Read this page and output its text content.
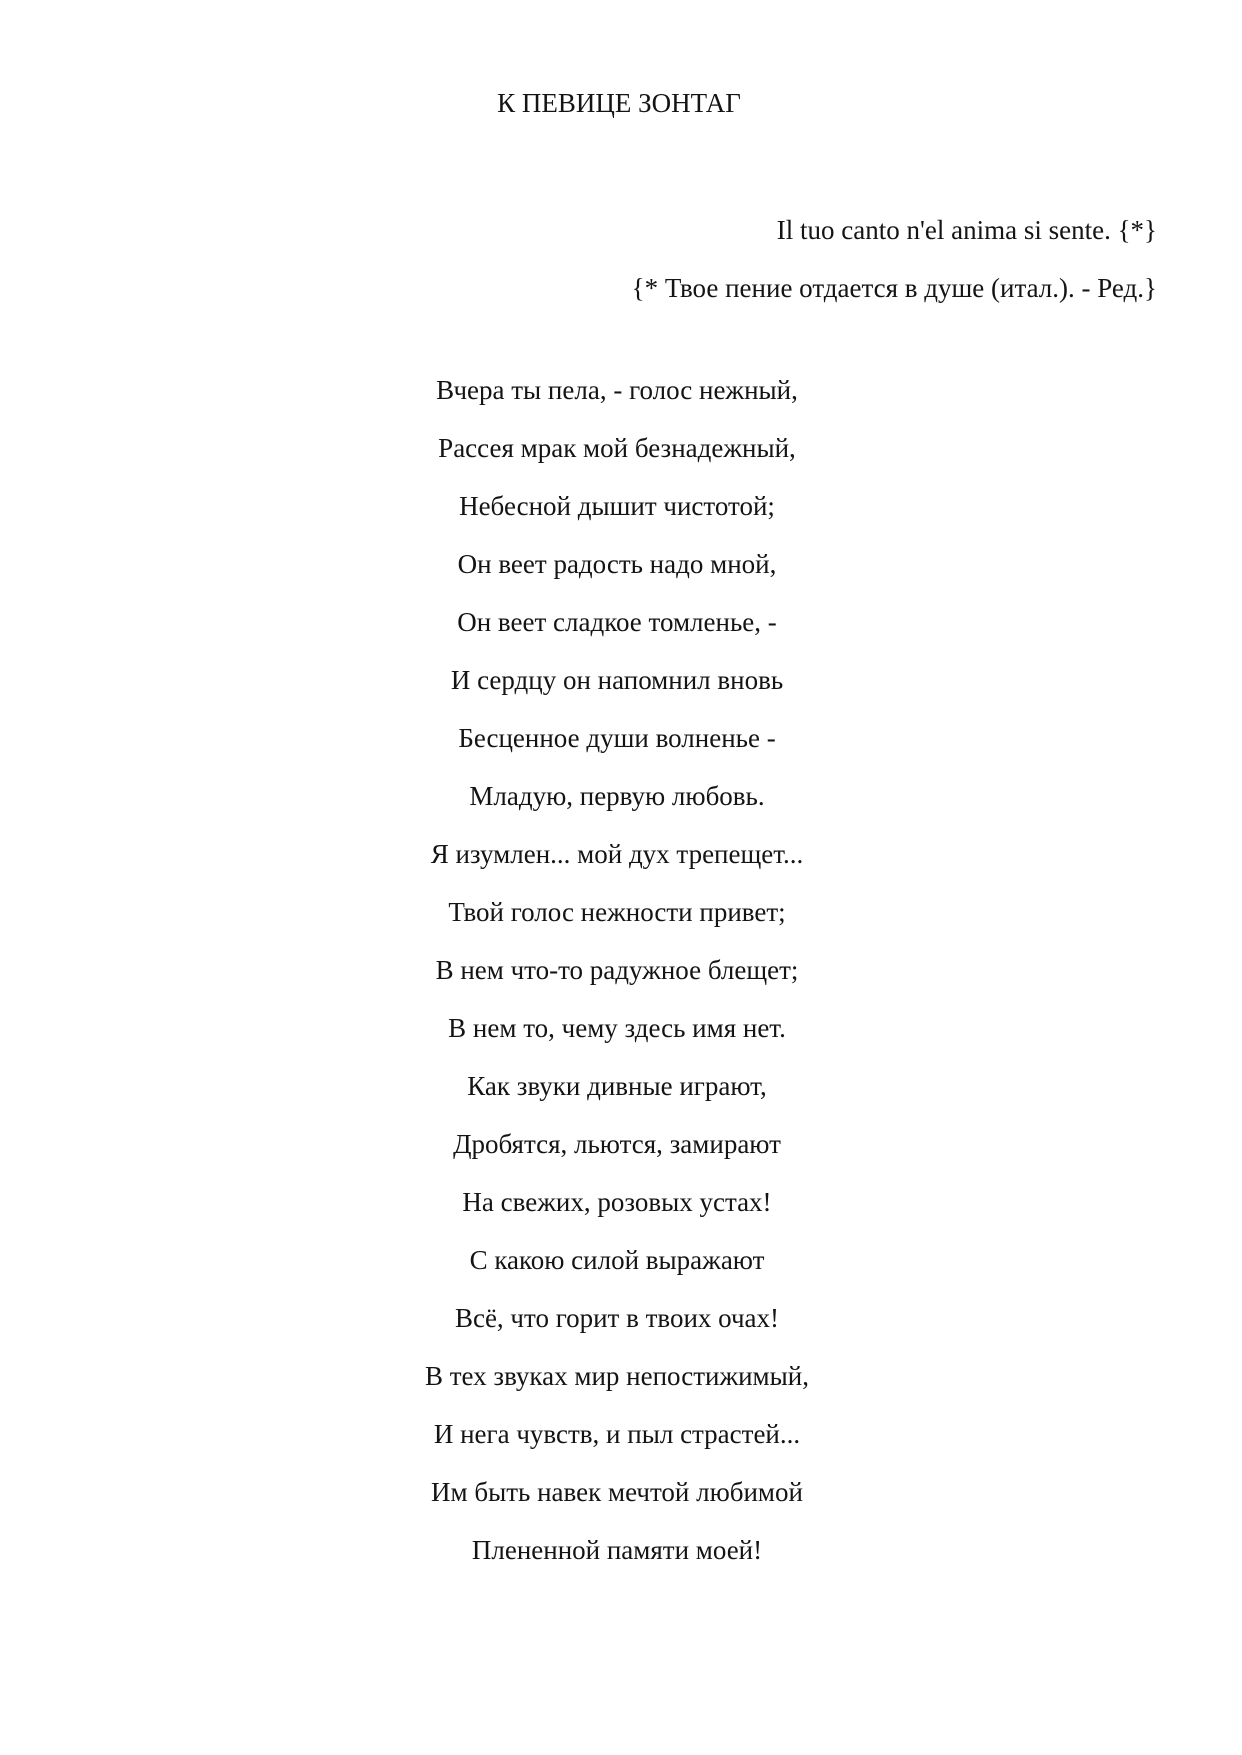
К ПЕВИЦЕ ЗОНТАГ
Il tuo canto n'el anima si sente. {*}
{* Твое пение отдается в душе (итал.). - Ред.}
Вчера ты пела, - голос нежный,
Рассея мрак мой безнадежный,
Небесной дышит чистотой;
Он веет радость надо мной,
Он веет сладкое томленье, -
И сердцу он напомнил вновь
Бесценное души волненье -
Младую, первую любовь.
Я изумлен... мой дух трепещет...
Твой голос нежности привет;
В нем что-то радужное блещет;
В нем то, чему здесь имя нет.
Как звуки дивные играют,
Дробятся, льются, замирают
На свежих, розовых устах!
С какою силой выражают
Всё, что горит в твоих очах!
В тех звуках мир непостижимый,
И нега чувств, и пыл страстей...
Им быть навек мечтой любимой
Плененной памяти моей!
